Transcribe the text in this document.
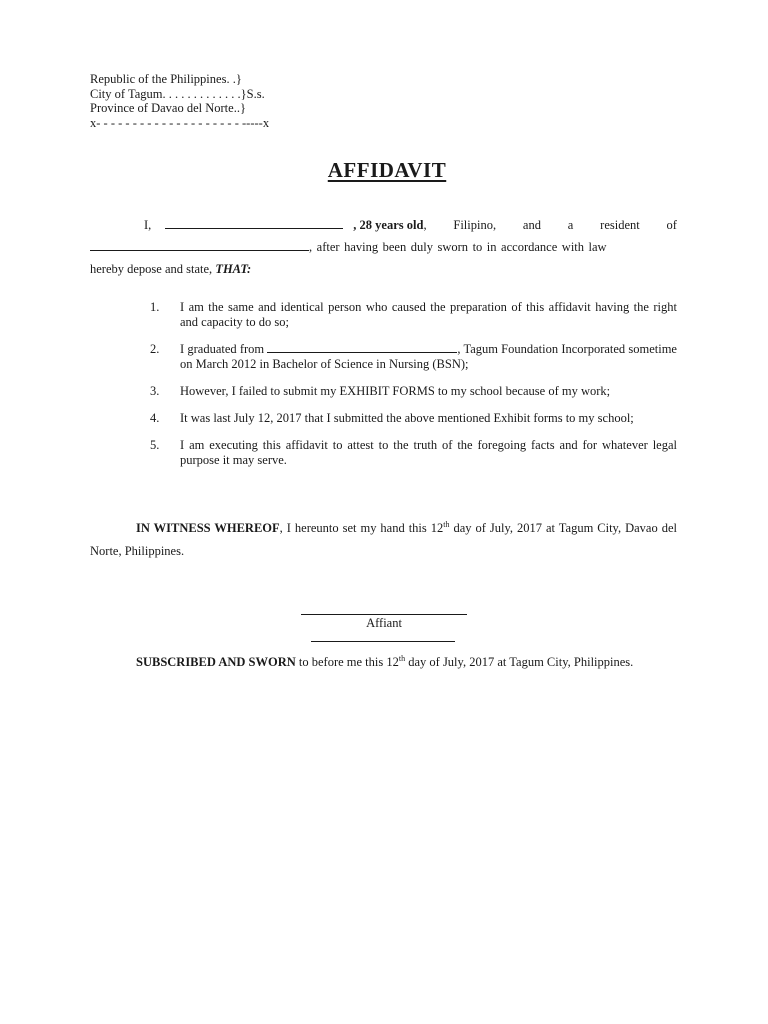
Republic of the Philippines. .}
City of Tagum. . . . . . . . . . . . .}S.s.
Province of Davao del Norte..}
x- - - - - - - - - - - - - - - - - - - - -----x
AFFIDAVIT
I,	, 28 years old , Filipino, and a resident of
, after having been duly sworn to in accordance with law
hereby depose and state, THAT:
1.	I am the same and identical person who caused the preparation of this affidavit having the right and capacity to do so;
2.	I graduated from	, Tagum Foundation Incorporated sometime on March 2012 in Bachelor of Science in Nursing (BSN);
3.	However, I failed to submit my EXHIBIT FORMS to my school because of my work;
4.	It was last July 12, 2017 that I submitted the above mentioned Exhibit forms to my school;
5.	I am executing this affidavit to attest to the truth of the foregoing facts and for whatever legal purpose it may serve.
IN WITNESS WHEREOF, I hereunto set my hand this 12th day of July, 2017 at Tagum City, Davao del Norte, Philippines.
Affiant
SUBSCRIBED AND SWORN to before me this 12th day of July, 2017 at Tagum City, Philippines.
